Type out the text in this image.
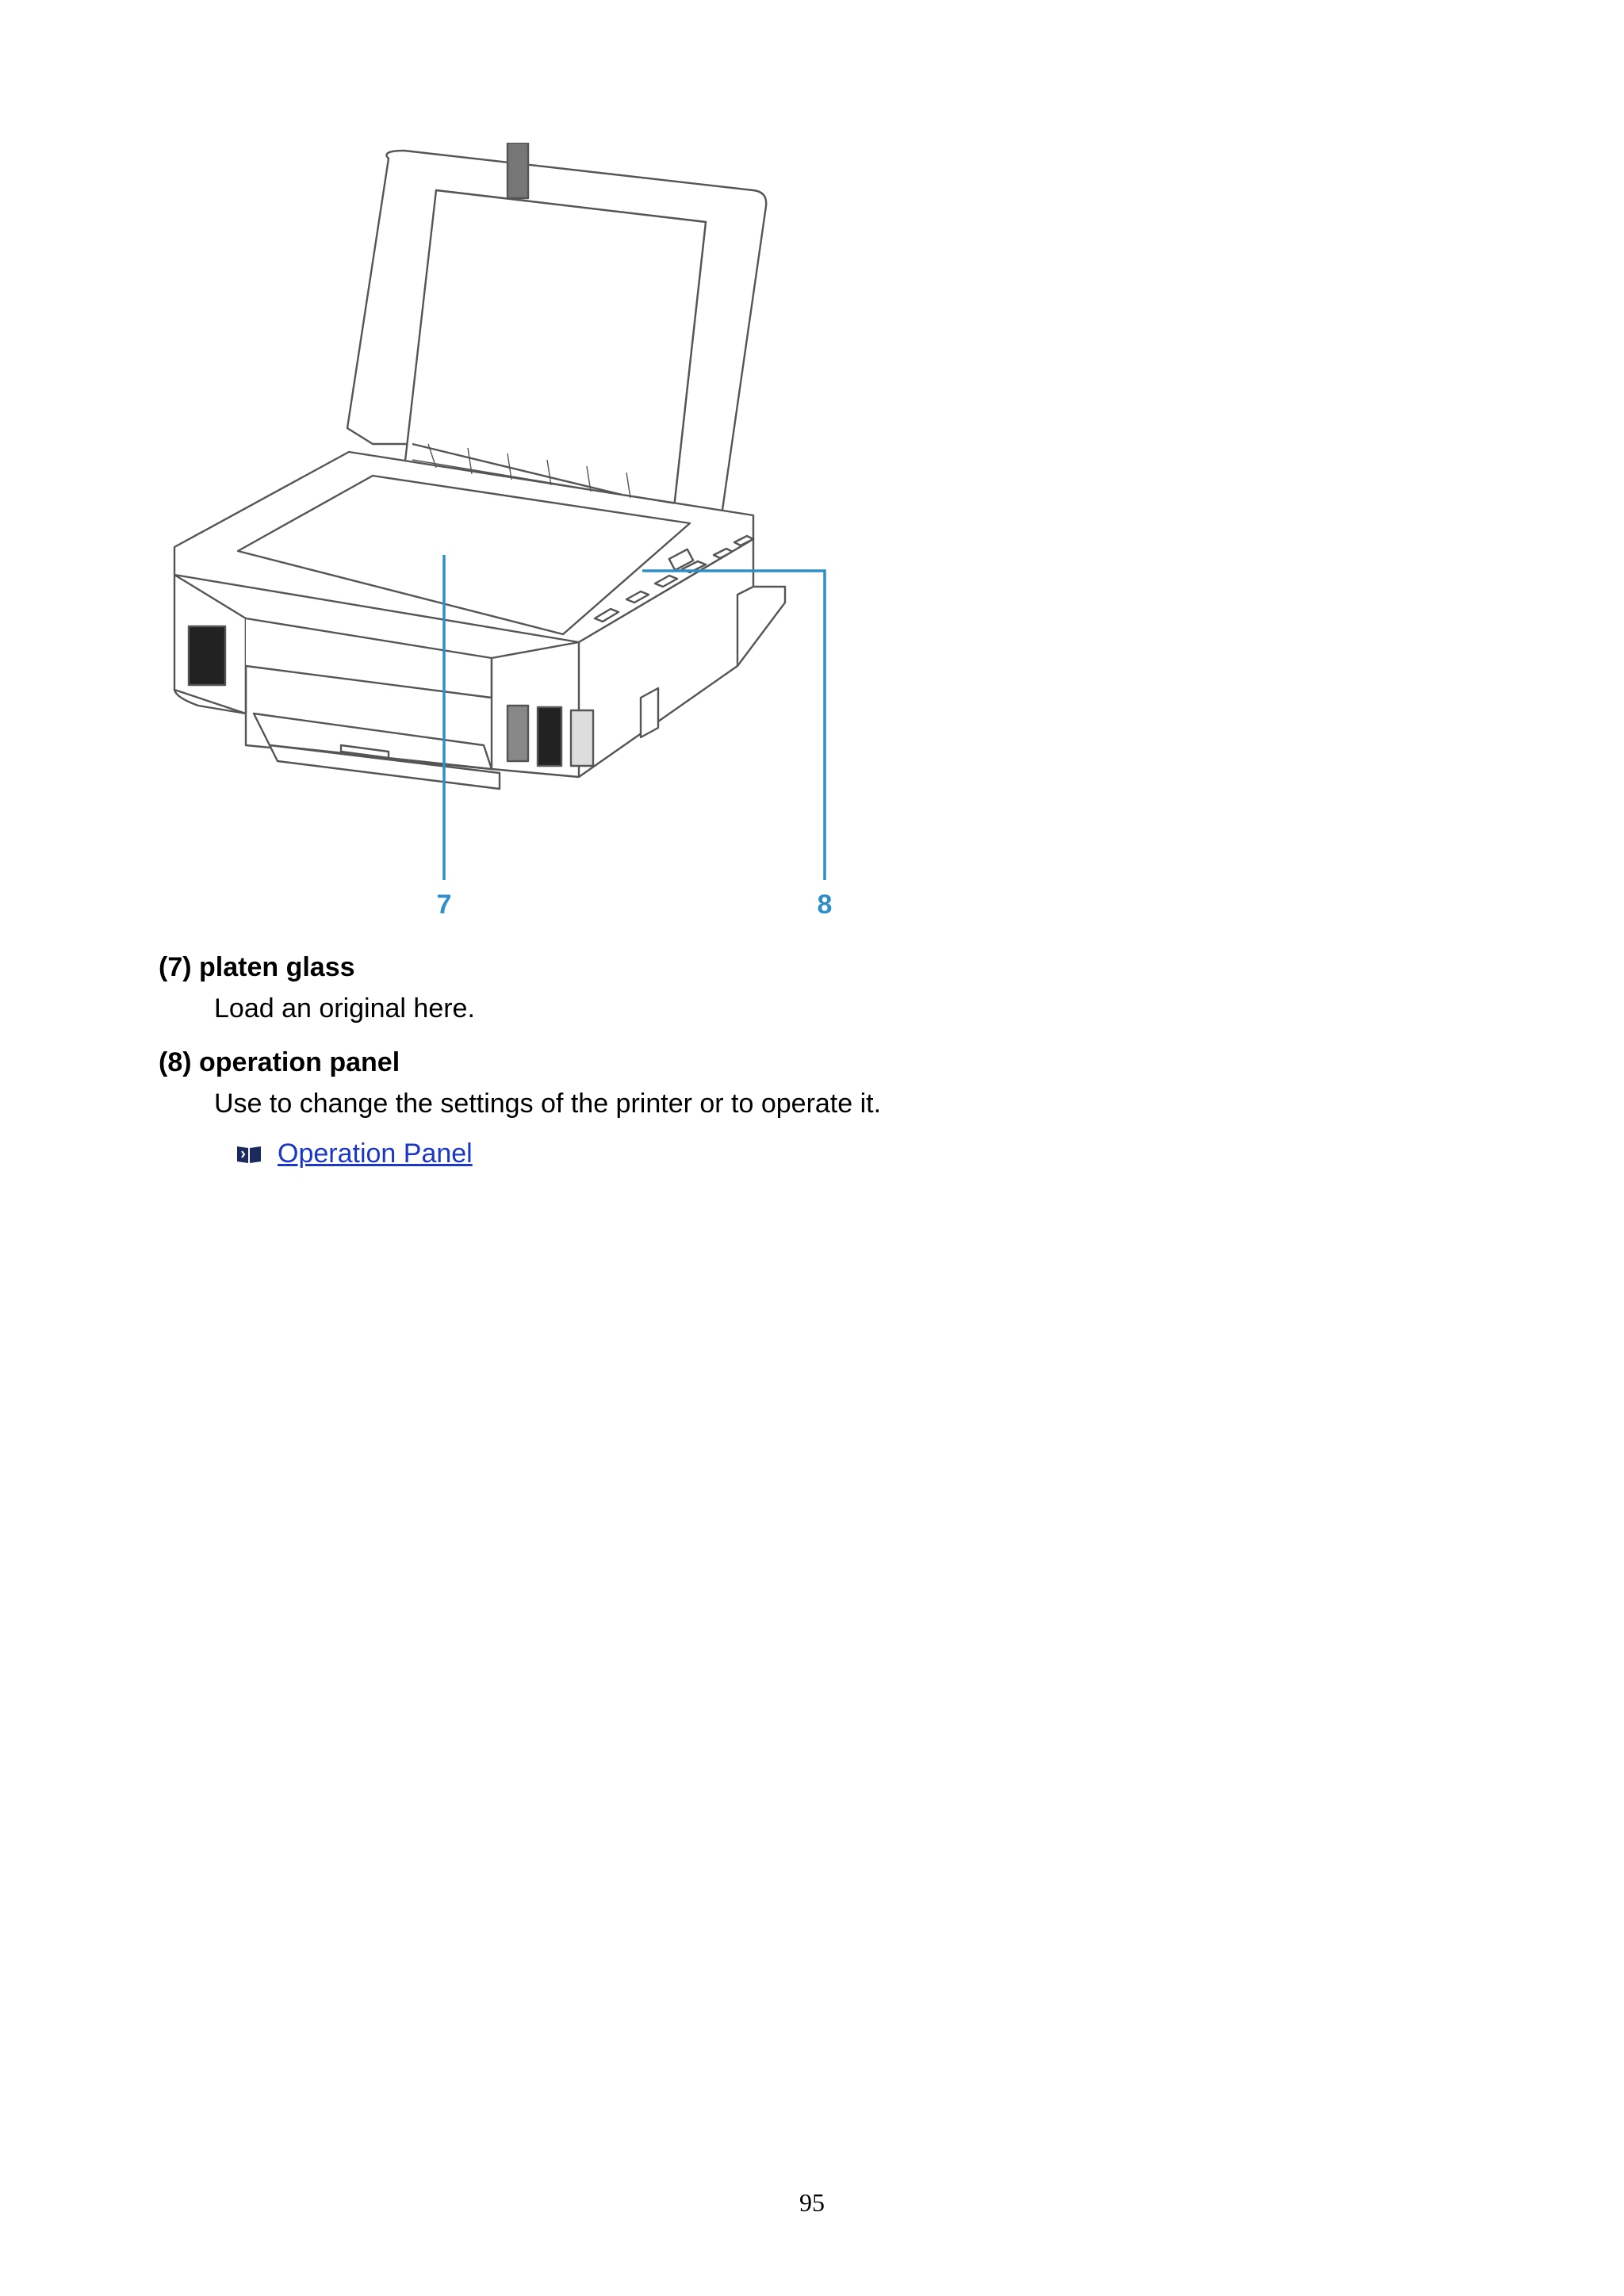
7	8
(7) platen glass
Load an original here.
(8) operation panel
Use to change the settings of the printer or to operate it.
Operation Panel
95
